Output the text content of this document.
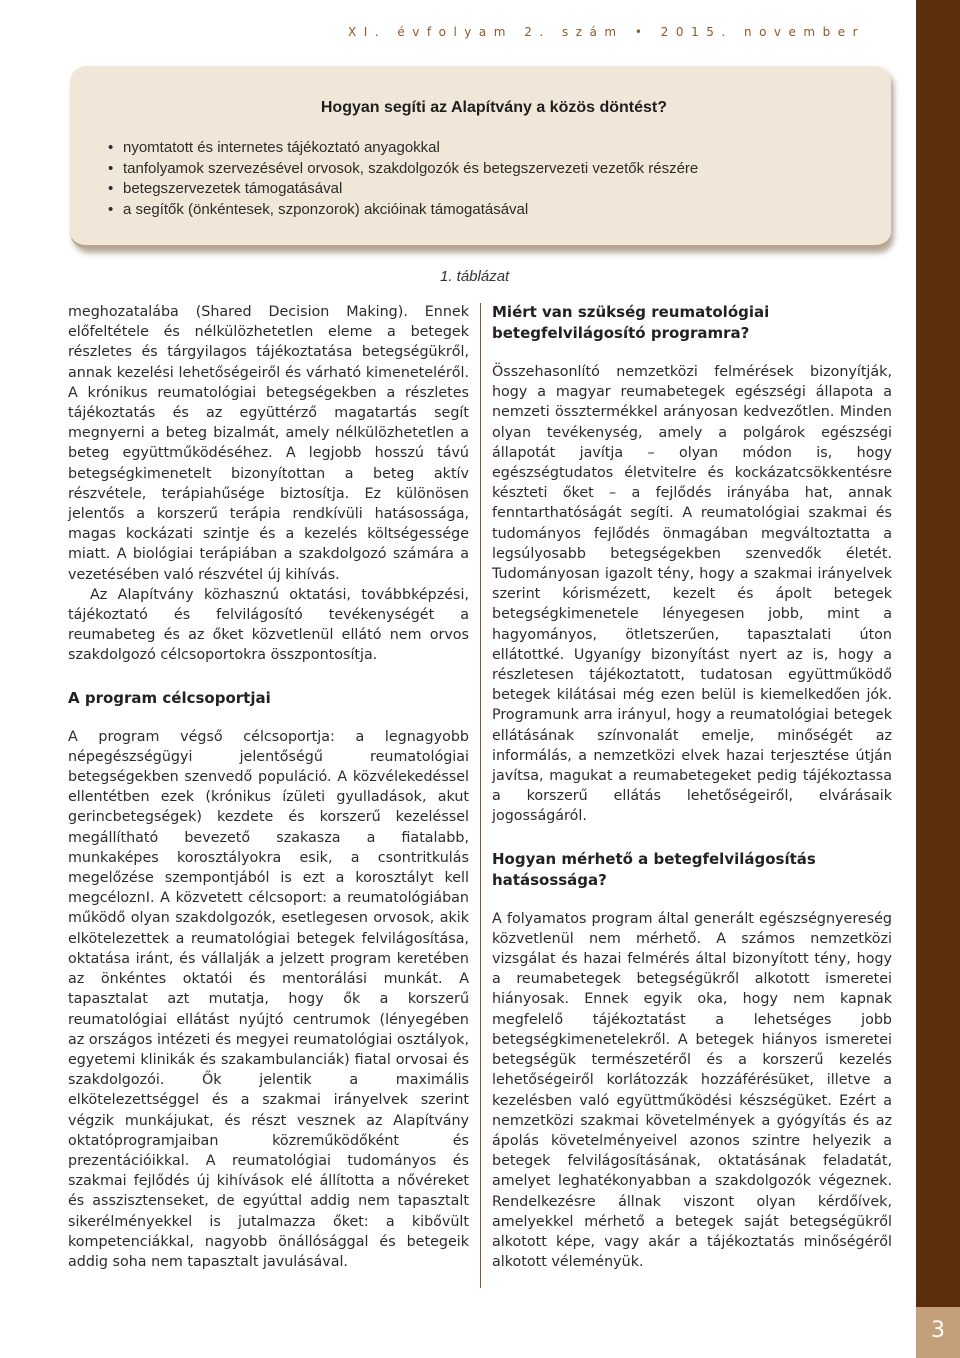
XI. évfolyam 2. szám • 2015. november
3
Hogyan segíti az Alapítvány a közös döntést?
• nyomtatott és internetes tájékoztató anyagokkal
• tanfolyamok szervezésével orvosok, szakdolgozók és betegszervezeti vezetők részére
• betegszervezetek támogatásával
• a segítők (önkéntesek, szponzorok) akcióinak támogatásával
1. táblázat

meghozatalába (Shared Decision Making). Ennek előfeltétele és nélkülözhetetlen eleme a betegek részletes és tárgyilagos tájékoztatása betegségükről, annak kezelési lehetőségeiről és várható kimeneteléről. A krónikus reumatológiai betegségekben a részletes tájékoztatás és az együttérző magatartás segít megnyerni a beteg bizalmát, amely nélkülözhetetlen a beteg együttműködéséhez. A legjobb hosszú távú betegségkimenetelt bizonyítottan a beteg aktív részvétele, terápiahűsége biztosítja. Ez különösen jelentős a korszerű terápia rendkívüli hatásossága, magas kockázati szintje és a kezelés költségessége miatt. A biológiai terápiában a szakdolgozó számára a vezetésében való részvétel új kihívás.

Az Alapítvány közhasznú oktatási, továbbképzési, tájékoztató és felvilágosító tevékenységét a reumabeteg és az őket közvetlenül ellátó nem orvos szakdolgozó célcsoportokra összpontosítja.

A program célcsoportjai

A program végső célcsoportja: a legnagyobb népegészségügyi jelentőségű reumatológiai betegségekben szenvedő populáció. A közvélekedéssel ellentétben ezek (krónikus ízületi gyulladások, akut gerincbetegségek) kezdete és korszerű kezeléssel megállítható bevezető szakasza a fiatalabb, munkaképes korosztályokra esik, a csontritkulás megelőzése szempontjából is ezt a korosztályt kell megcéloznI. A közvetett célcsoport: a reumatológiában működő olyan szakdolgozók, esetlegesen orvosok, akik elkötelezettek a reumatológiai betegek felvilágosítása, oktatása iránt, és vállalják a jelzett program keretében az önkéntes oktatói és mentorálási munkát. A tapasztalat azt mutatja, hogy ők a korszerű reumatológiai ellátást nyújtó centrumok (lényegében az országos intézeti és megyei reumatológiai osztályok, egyetemi klinikák és szakambulanciák) fiatal orvosai és szakdolgozói. Ők jelentik a maximális elkötelezettséggel és a szakmai irányelvek szerint végzik munkájukat, és részt vesznek az Alapítvány oktatóprogramjaiban közreműködőként és prezentációikkal. A reumatológiai tudományos és szakmai fejlődés új kihívások elé állította a nővéreket és asszisztenseket, de egyúttal addig nem tapasztalt sikerélményekkel is jutalmazza őket: a kibővült kompetenciákkal, nagyobb önállósággal és betegeik addig soha nem tapasztalt javulásával.

Miért van szükség reumatológiai betegfelvilágosító programra?

Összehasonlító nemzetközi felmérések bizonyítják, hogy a magyar reumabetegek egészségi állapota a nemzeti össztermékkel arányosan kedvezőtlen. Minden olyan tevékenység, amely a polgárok egészségi állapotát javítja – olyan módon is, hogy egészségtudatos életvitelre és kockázatcsökkentésre készteti őket – a fejlődés irányába hat, annak fenntarthatóságát segíti. A reumatológiai szakmai és tudományos fejlődés önmagában megváltoztatta a legsúlyosabb betegségekben szenvedők életét. Tudományosan igazolt tény, hogy a szakmai irányelvek szerint kórismézett, kezelt és ápolt betegek betegségkimenetele lényegesen jobb, mint a hagyományos, ötletszerűen, tapasztalati úton ellátottké. Ugyanígy bizonyítást nyert az is, hogy a részletesen tájékoztatott, tudatosan együttműködő betegek kilátásai még ezen belül is kiemelkedően jók. Programunk arra irányul, hogy a reumatológiai betegek ellátásának színvonalát emelje, minőségét az informálás, a nemzetközi elvek hazai terjesztése útján javítsa, magukat a reumabetegeket pedig tájékoztassa a korszerű ellátás lehetőségeiről, elvárásaik jogosságáról.

Hogyan mérhető a betegfelvilágosítás hatásossága?

A folyamatos program által generált egészségnyereség közvetlenül nem mérhető. A számos nemzetközi vizsgálat és hazai felmérés által bizonyított tény, hogy a reumabetegek betegségükről alkotott ismeretei hiányosak. Ennek egyik oka, hogy nem kapnak megfelelő tájékoztatást a lehetséges jobb betegségkimenetelekről. A betegek hiányos ismeretei betegségük természetéről és a korszerű kezelés lehetőségeiről korlátozzák hozzáférésüket, illetve a kezelésben való együttműködési készségüket. Ezért a nemzetközi szakmai követelmények a gyógyítás és az ápolás követelményeivel azonos szintre helyezik a betegek felvilágosításának, oktatásának feladatát, amelyet leghatékonyabban a szakdolgozók végeznek. Rendelkezésre állnak viszont olyan kérdőívek, amelyekkel mérhető a betegek saját betegségükről alkotott képe, vagy akár a tájékoztatás minőségéről alkotott véleményük.
